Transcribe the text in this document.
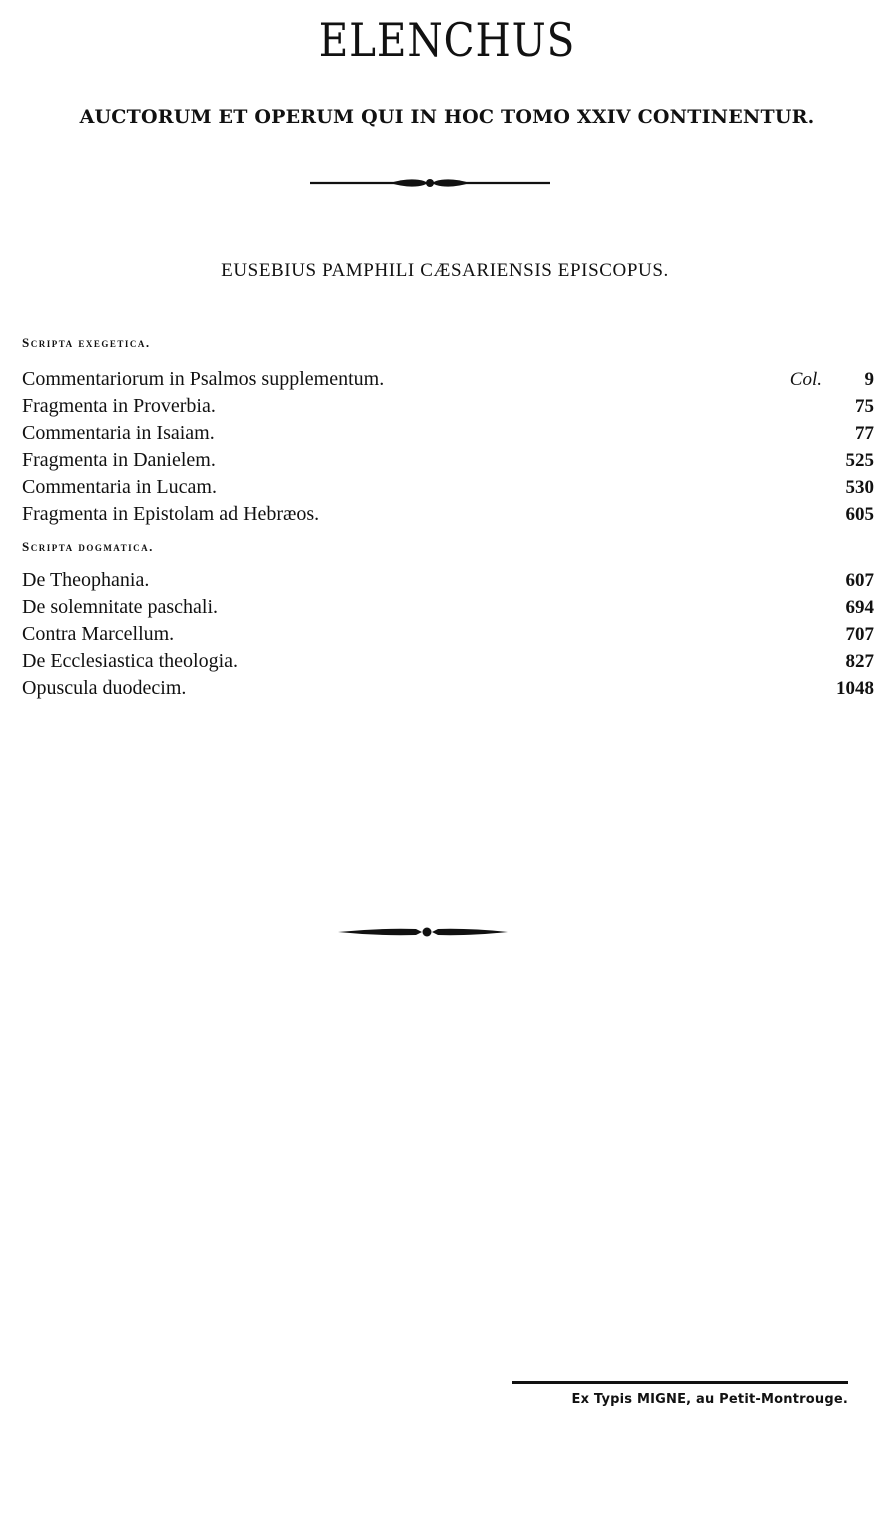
ELENCHUS
AUCTORUM ET OPERUM QUI IN HOC TOMO XXIV CONTINENTUR.
EUSEBIUS PAMPHILI CÆSARIENSIS EPISCOPUS.
Scripta exegetica.
Commentariorum in Psalmos supplementum.	Col. 9
Fragmenta in Proverbia.	75
Commentaria in Isaiam.	77
Fragmenta in Danielem.	525
Commentaria in Lucam.	530
Fragmenta in Epistolam ad Hebræos.	605
Scripta dogmatica.
De Theophania.	607
De solemnitate paschali.	694
Contra Marcellum.	707
De Ecclesiastica theologia.	827
Opuscula duodecim.	1048
Ex Typis MIGNE, au Petit-Montrouge.
